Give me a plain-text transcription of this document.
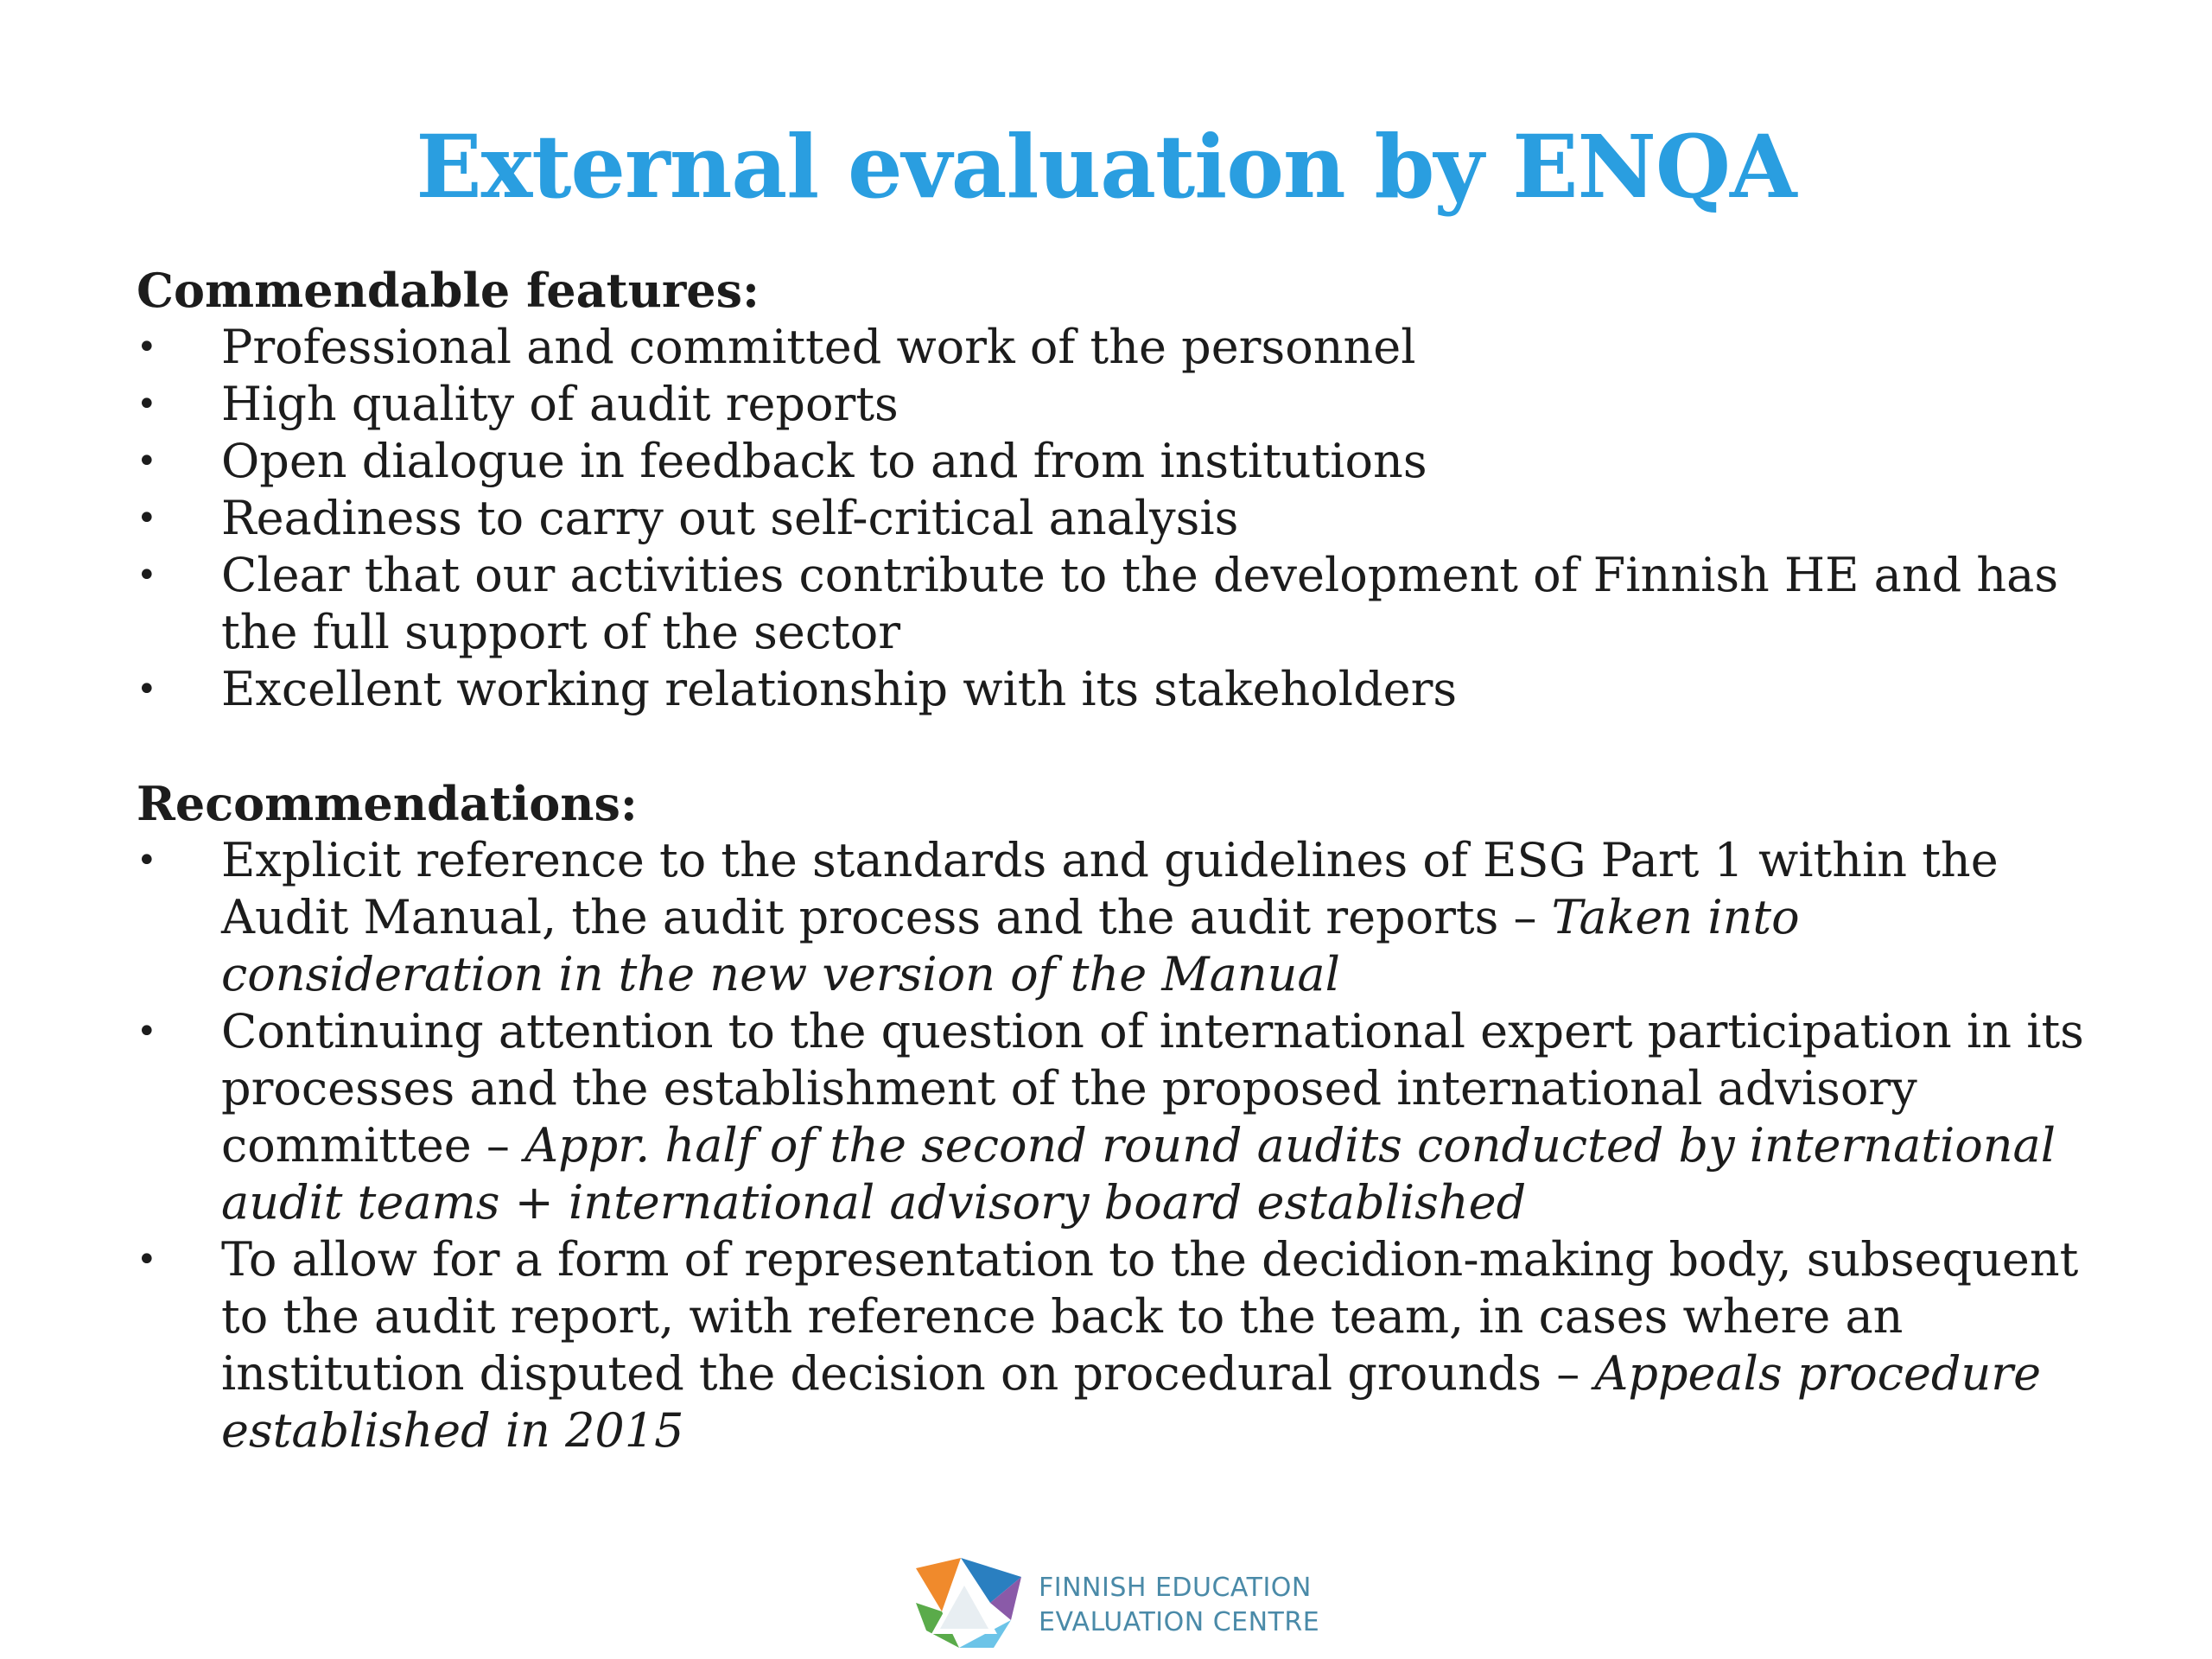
External evaluation by ENQA
Commendable features:
• Professional and committed work of the personnel
• High quality of audit reports
• Open dialogue in feedback to and from institutions
• Readiness to carry out self-critical analysis
• Clear that our activities contribute to the development of Finnish HE and has the full support of the sector
• Excellent working relationship with its stakeholders
Recommendations:
• Explicit reference to the standards and guidelines of ESG Part 1 within the Audit Manual, the audit process and the audit reports – Taken into consideration in the new version of the Manual
• Continuing attention to the question of international expert participation in its processes and the establishment of the proposed international advisory committee – Appr. half of the second round audits conducted by international audit teams + international advisory board established
• To allow for a form of representation to the decidion-making body, subsequent to the audit report, with reference back to the team, in cases where an institution disputed the decision on procedural grounds – Appeals procedure established in 2015
FINNISH EDUCATION
EVALUATION CENTRE
